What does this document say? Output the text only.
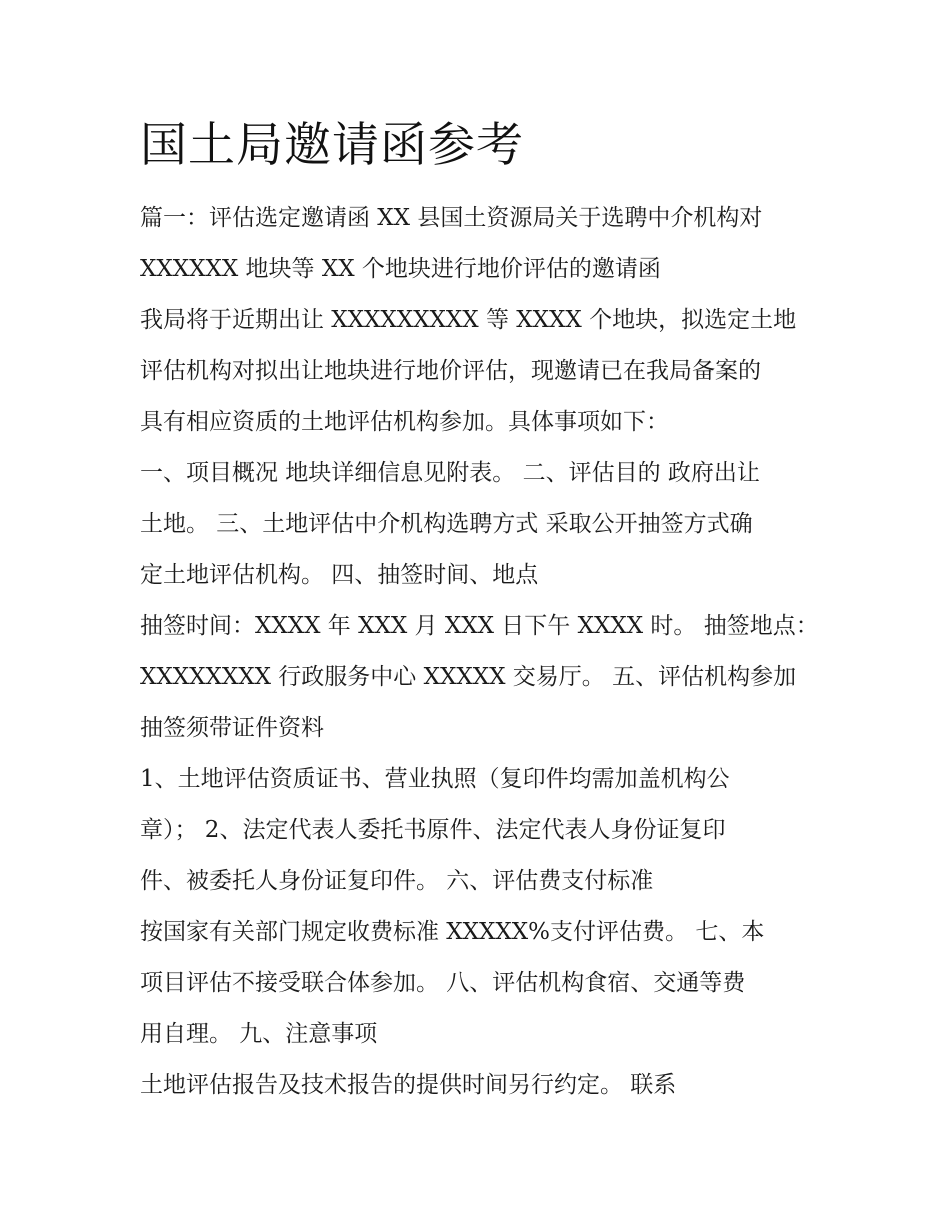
国土局邀请函参考
篇一：评估选定邀请函 XX 县国土资源局关于选聘中介机构对
XXXXXX 地块等 XX 个地块进行地价评估的邀请函
我局将于近期出让 XXXXXXXXX 等 XXXX 个地块，拟选定土地
评估机构对拟出让地块进行地价评估，现邀请已在我局备案的
具有相应资质的土地评估机构参加。具体事项如下：
一、项目概况 地块详细信息见附表。 二、评估目的 政府出让
土地。 三、土地评估中介机构选聘方式 采取公开抽签方式确
定土地评估机构。 四、抽签时间、地点
抽签时间：XXXX 年 XXX 月 XXX 日下午 XXXX 时。 抽签地点：
XXXXXXXX 行政服务中心 XXXXX 交易厅。 五、评估机构参加
抽签须带证件资料
1、土地评估资质证书、营业执照（复印件均需加盖机构公
章）； 2、法定代表人委托书原件、法定代表人身份证复印
件、被委托人身份证复印件。 六、评估费支付标准
按国家有关部门规定收费标准 XXXXX%支付评估费。 七、本
项目评估不接受联合体参加。 八、评估机构食宿、交通等费
用自理。 九、注意事项
土地评估报告及技术报告的提供时间另行约定。 联系
